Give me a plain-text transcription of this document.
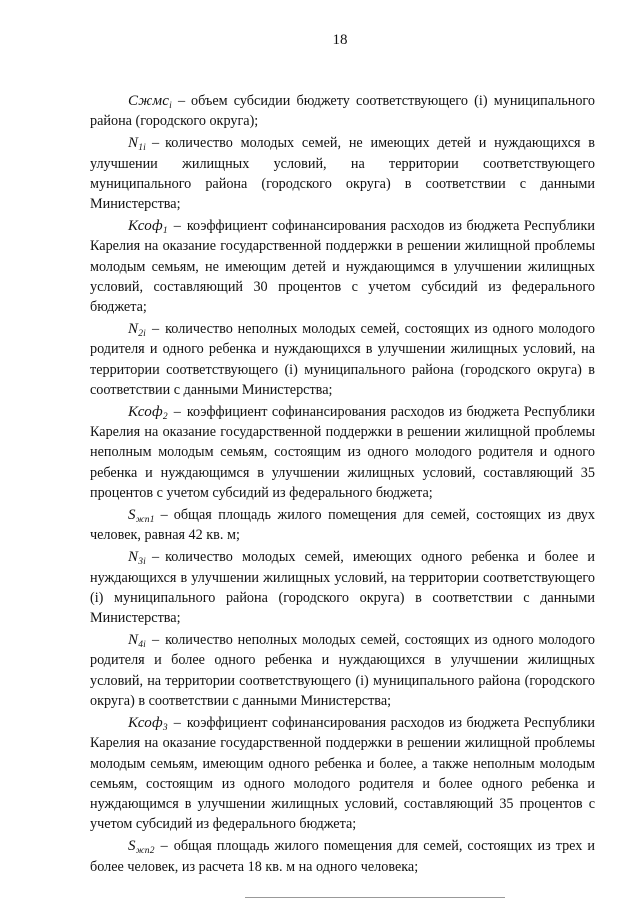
18

Сжмс$_i$ – объем субсидии бюджету соответствующего (i) муниципального района (городского округа);

$N_{1i}$ – количество молодых семей, не имеющих детей и нуждающихся в улучшении жилищных условий, на территории соответствующего муниципального района (городского округа) в соответствии с данными Министерства;

Ксоф$_1$ – коэффициент софинансирования расходов из бюджета Республики Карелия на оказание государственной поддержки в решении жилищной проблемы молодым семьям, не имеющим детей и нуждающимся в улучшении жилищных условий, составляющий 30 процентов с учетом субсидий из федерального бюджета;

$N_{2i}$ – количество неполных молодых семей, состоящих из одного молодого родителя и одного ребенка и нуждающихся в улучшении жилищных условий, на территории соответствующего (i) муниципального района (городского округа) в соответствии с данными Министерства;

Ксоф$_2$ – коэффициент софинансирования расходов из бюджета Республики Карелия на оказание государственной поддержки в решении жилищной проблемы неполным молодым семьям, состоящим из одного молодого родителя и одного ребенка и нуждающимся в улучшении жилищных условий, составляющий 35 процентов с учетом субсидий из федерального бюджета;

$S_{жп1}$ – общая площадь жилого помещения для семей, состоящих из двух человек, равная 42 кв. м;

$N_{3i}$ – количество молодых семей, имеющих одного ребенка и более и нуждающихся в улучшении жилищных условий, на территории соответствующего (i) муниципального района (городского округа) в соответствии с данными Министерства;

$N_{4i}$ – количество неполных молодых семей, состоящих из одного молодого родителя и более одного ребенка и нуждающихся в улучшении жилищных условий, на территории соответствующего (i) муниципального района (городского округа) в соответствии с данными Министерства;

Ксоф$_3$ – коэффициент софинансирования расходов из бюджета Республики Карелия на оказание государственной поддержки в решении жилищной проблемы молодым семьям, имеющим одного ребенка и более, а также неполным молодым семьям, состоящим из одного молодого родителя и более одного ребенка и нуждающимся в улучшении жилищных условий, составляющий 35 процентов с учетом субсидий из федерального бюджета;

$S_{жп2}$ – общая площадь жилого помещения для семей, состоящих из трех и более человек, из расчета 18 кв. м на одного человека;
